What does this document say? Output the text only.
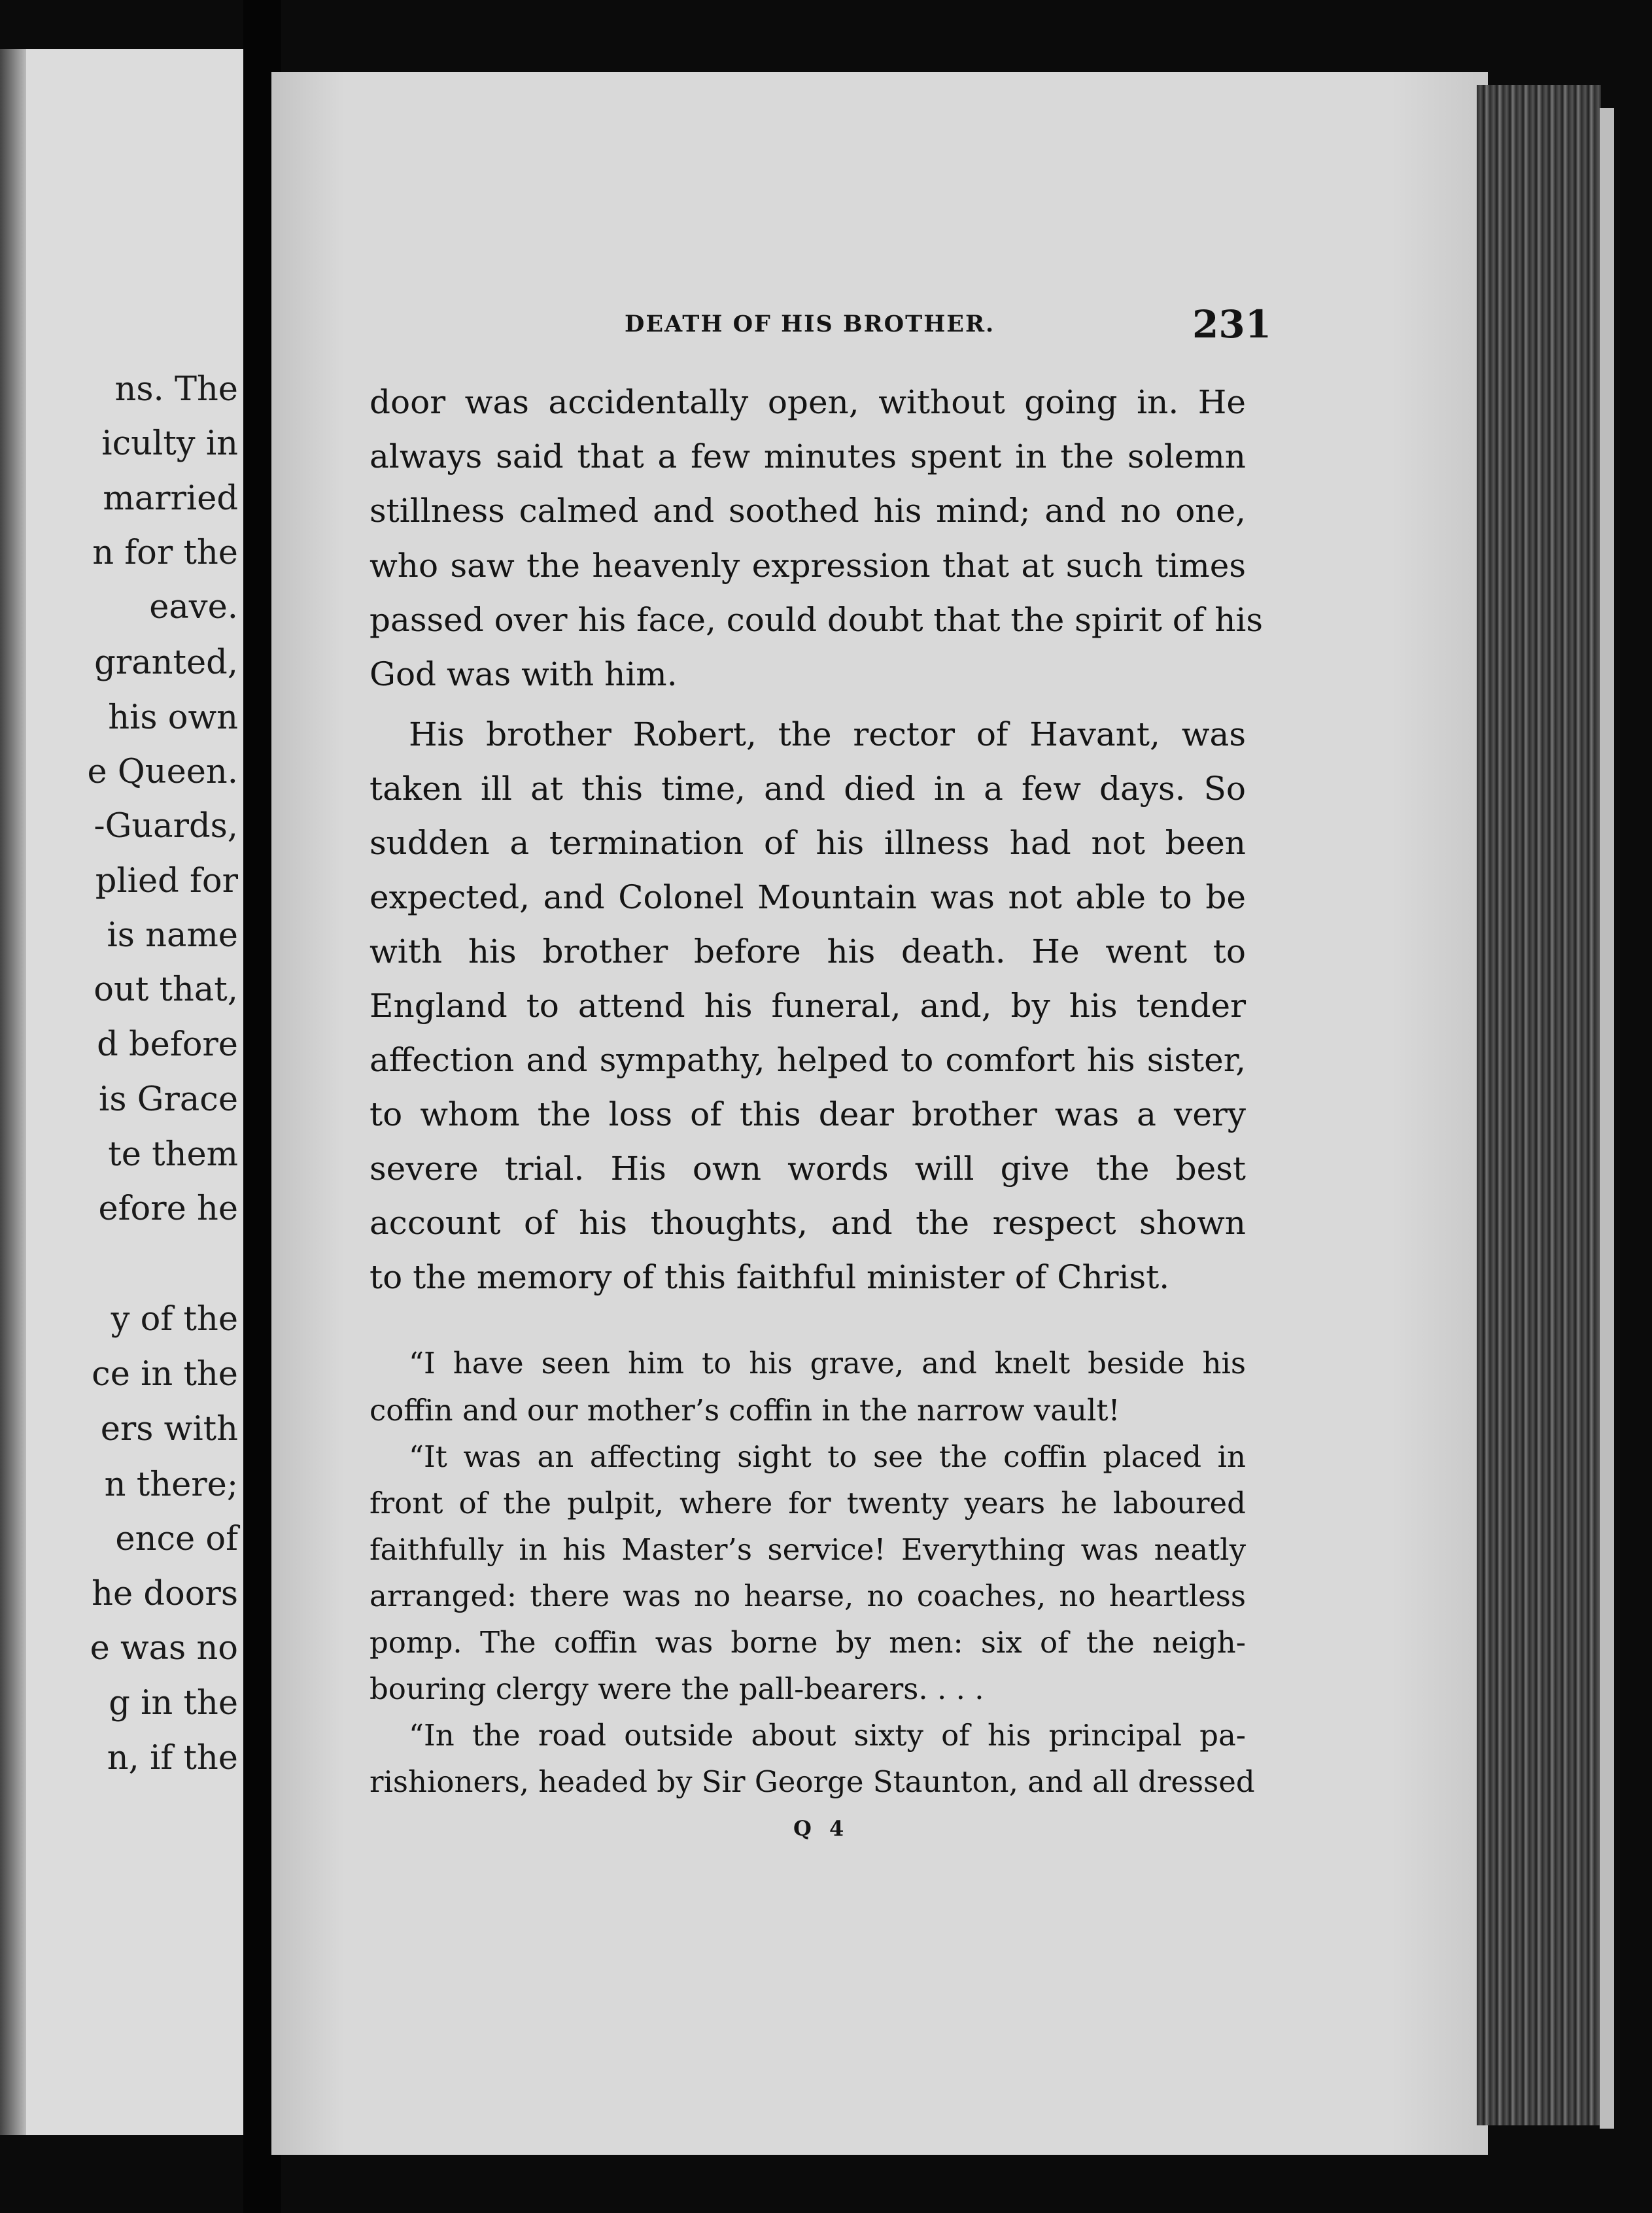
ns. The
iculty in
married
n for the
eave.
granted,
his own
e Queen.
-Guards,
plied for
is name
out that,
d before
is Grace
te them
efore he
y of the
ce in the
ers with
n there;
ence of
he doors
e was no
g in the
n, if the
DEATH OF HIS BROTHER.	231
door was accidentally open, without going in. He
always said that a few minutes spent in the solemn
stillness calmed and soothed his mind; and no one,
who saw the heavenly expression that at such times
passed over his face, could doubt that the spirit of his
God was with him.
His brother Robert, the rector of Havant, was
taken ill at this time, and died in a few days. So
sudden a termination of his illness had not been
expected, and Colonel Mountain was not able to be
with his brother before his death. He went to
England to attend his funeral, and, by his tender
affection and sympathy, helped to comfort his sister,
to whom the loss of this dear brother was a very
severe trial. His own words will give the best
account of his thoughts, and the respect shown
to the memory of this faithful minister of Christ.
“I have seen him to his grave, and knelt beside his
coffin and our mother’s coffin in the narrow vault!
“It was an affecting sight to see the coffin placed in
front of the pulpit, where for twenty years he laboured
faithfully in his Master’s service! Everything was neatly
arranged: there was no hearse, no coaches, no heartless
pomp. The coffin was borne by men: six of the neigh-
bouring clergy were the pall-bearers. . . .
“In the road outside about sixty of his principal pa-
rishioners, headed by Sir George Staunton, and all dressed
Q 4
